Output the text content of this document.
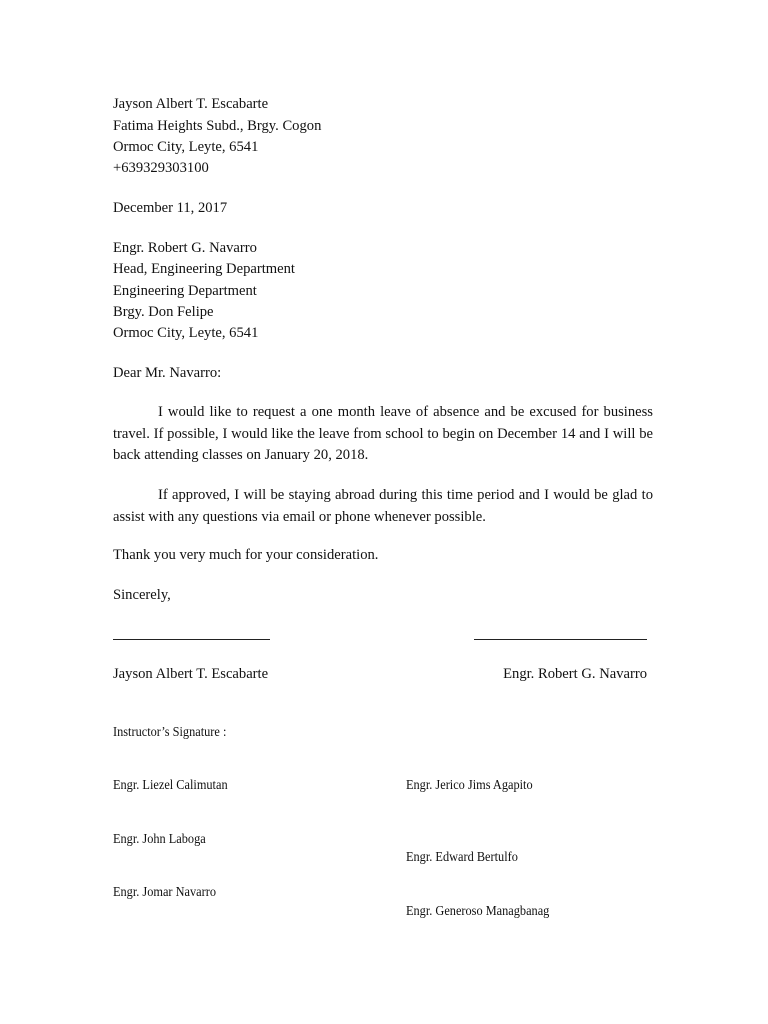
Jayson Albert T. Escabarte
Fatima Heights Subd., Brgy. Cogon
Ormoc City, Leyte, 6541
+639329303100
December 11, 2017
Engr. Robert G. Navarro
Head, Engineering Department
Engineering Department
Brgy. Don Felipe
Ormoc City, Leyte, 6541
Dear Mr. Navarro:
I would like to request a one month leave of absence and be excused for business travel. If possible, I would like the leave from school to begin on December 14 and I will be back attending classes on January 20, 2018.
If approved, I will be staying abroad during this time period and I would be glad to assist with any questions via email or phone whenever possible.
Thank you very much for your consideration.
Sincerely,
Jayson Albert T. Escabarte	Engr. Robert G. Navarro
Instructor’s Signature :
Engr. Liezel Calimutan	Engr. Jerico Jims Agapito
Engr. John Laboga
Engr. Edward Bertulfo
Engr. Jomar Navarro
Engr. Generoso Managbanag
